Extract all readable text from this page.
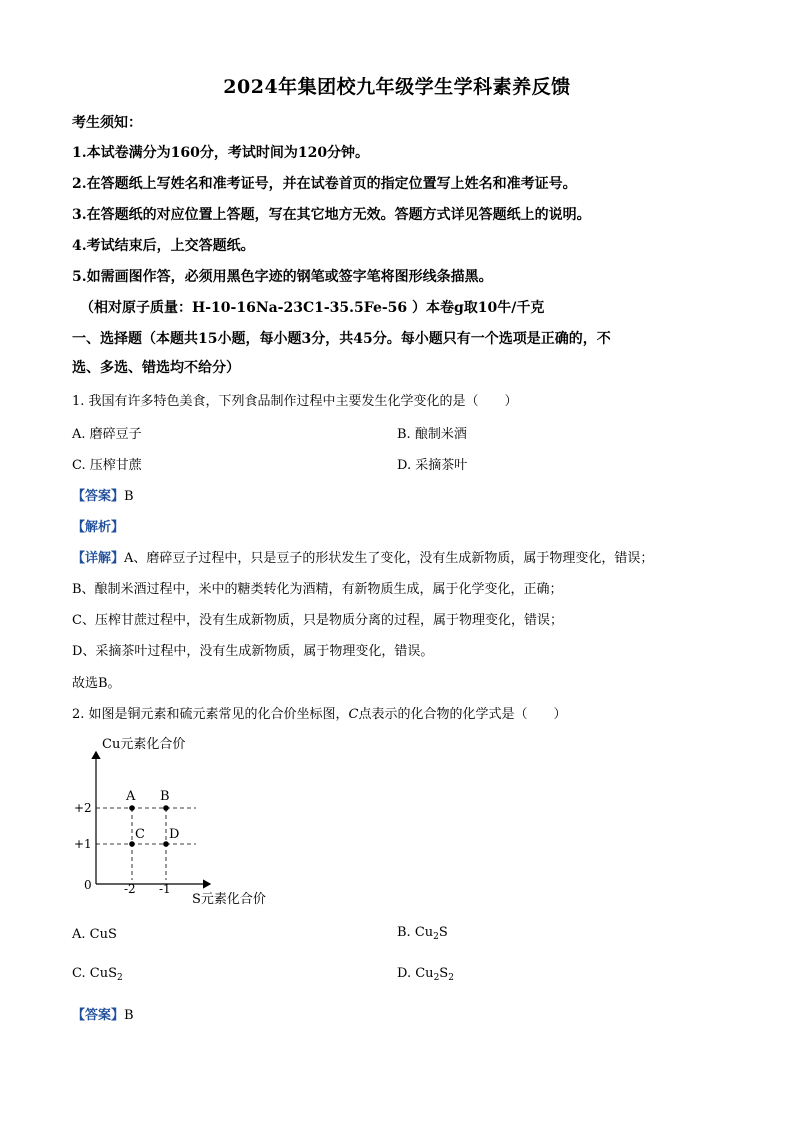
2024年集团校九年级学生学科素养反馈
考生须知：
1.本试卷满分为160分，考试时间为120分钟。
2.在答题纸上写姓名和准考证号，并在试卷首页的指定位置写上姓名和准考证号。
3.在答题纸的对应位置上答题，写在其它地方无效。答题方式详见答题纸上的说明。
4.考试结束后，上交答题纸。
5.如需画图作答，必须用黑色字迹的钢笔或签字笔将图形线条描黑。
（相对原子质量：H-10-16Na-23C1-35.5Fe-56 ）本卷g取10牛/千克
一、选择题（本题共15小题，每小题3分，共45分。每小题只有一个选项是正确的，不
选、多选、错选均不给分）
1. 我国有许多特色美食，下列食品制作过程中主要发生化学变化的是（　　）
A. 磨碎豆子	B. 酿制米酒
C. 压榨甘蔗	D. 采摘茶叶
【答案】B
【解析】
【详解】A、磨碎豆子过程中，只是豆子的形状发生了变化，没有生成新物质，属于物理变化，错误；
B、酿制米酒过程中，米中的糖类转化为酒精，有新物质生成，属于化学变化，正确；
C、压榨甘蔗过程中，没有生成新物质，只是物质分离的过程，属于物理变化，错误；
D、采摘茶叶过程中，没有生成新物质，属于物理变化，错误。
故选B。
2. 如图是铜元素和硫元素常见的化合价坐标图，C点表示的化合物的化学式是（　　）
Cu元素化合价
S元素化合价
0
+2
+1
-2 -1
A B
C D
A. CuS	B. $Cu_2S$
C. CuS$_2$	D. $Cu_2S_2$
【答案】B
